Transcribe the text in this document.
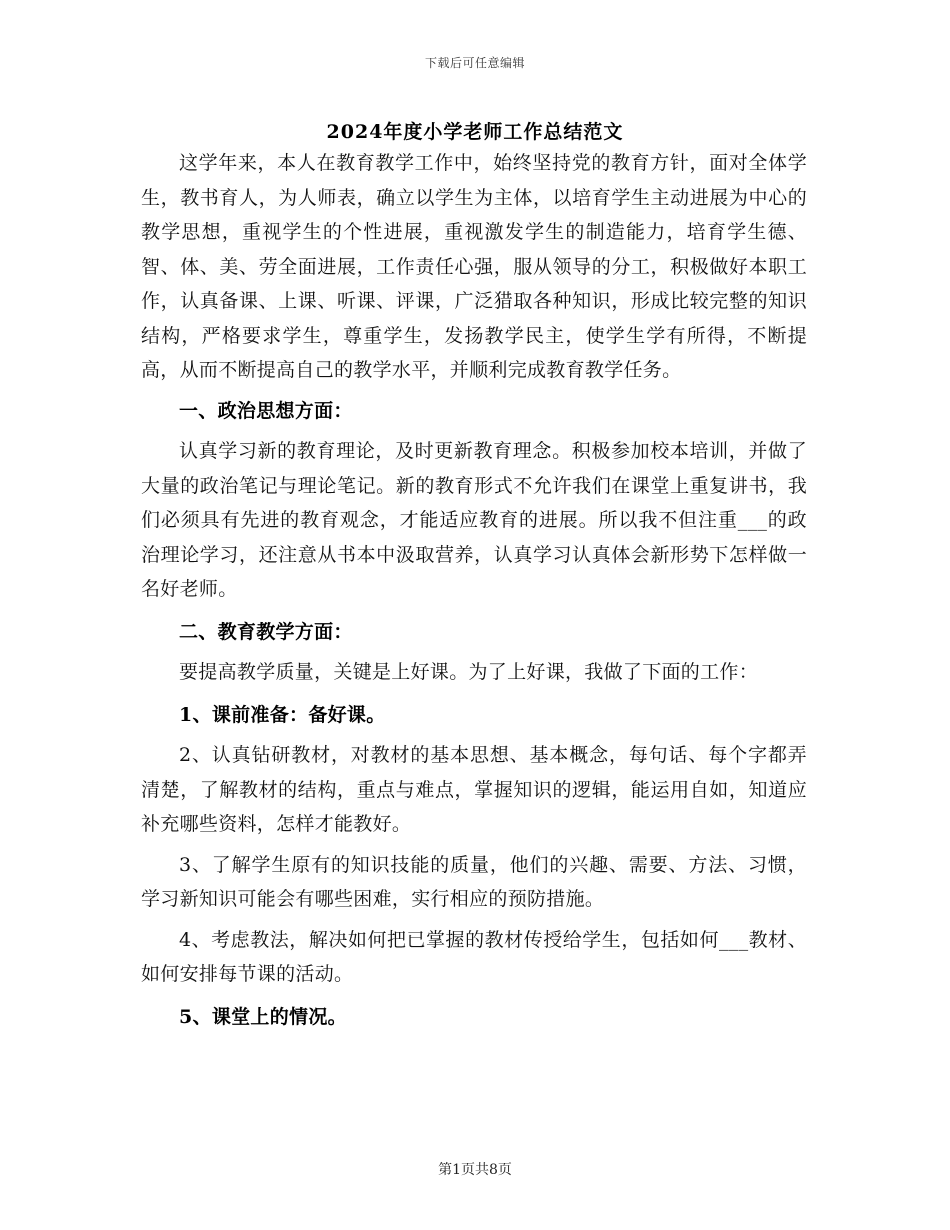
下载后可任意编辑
2024年度小学老师工作总结范文

这学年来，本人在教育教学工作中，始终坚持党的教育方针，面对全体学生，教书育人，为人师表，确立以学生为主体，以培育学生主动进展为中心的教学思想，重视学生的个性进展，重视激发学生的制造能力，培育学生德、智、体、美、劳全面进展，工作责任心强，服从领导的分工，积极做好本职工作，认真备课、上课、听课、评课，广泛猎取各种知识，形成比较完整的知识结构，严格要求学生，尊重学生，发扬教学民主，使学生学有所得，不断提高，从而不断提高自己的教学水平，并顺利完成教育教学任务。

一、政治思想方面：

认真学习新的教育理论，及时更新教育理念。积极参加校本培训，并做了大量的政治笔记与理论笔记。新的教育形式不允许我们在课堂上重复讲书，我们必须具有先进的教育观念，才能适应教育的进展。所以我不但注重___的政治理论学习，还注意从书本中汲取营养，认真学习认真体会新形势下怎样做一名好老师。

二、教育教学方面：

要提高教学质量，关键是上好课。为了上好课，我做了下面的工作：

1、课前准备：备好课。

2、认真钻研教材，对教材的基本思想、基本概念，每句话、每个字都弄清楚，了解教材的结构，重点与难点，掌握知识的逻辑，能运用自如，知道应补充哪些资料，怎样才能教好。

3、了解学生原有的知识技能的质量，他们的兴趣、需要、方法、习惯，学习新知识可能会有哪些困难，实行相应的预防措施。

4、考虑教法，解决如何把已掌握的教材传授给学生，包括如何___教材、如何安排每节课的活动。

5、课堂上的情况。

第1页共8页
